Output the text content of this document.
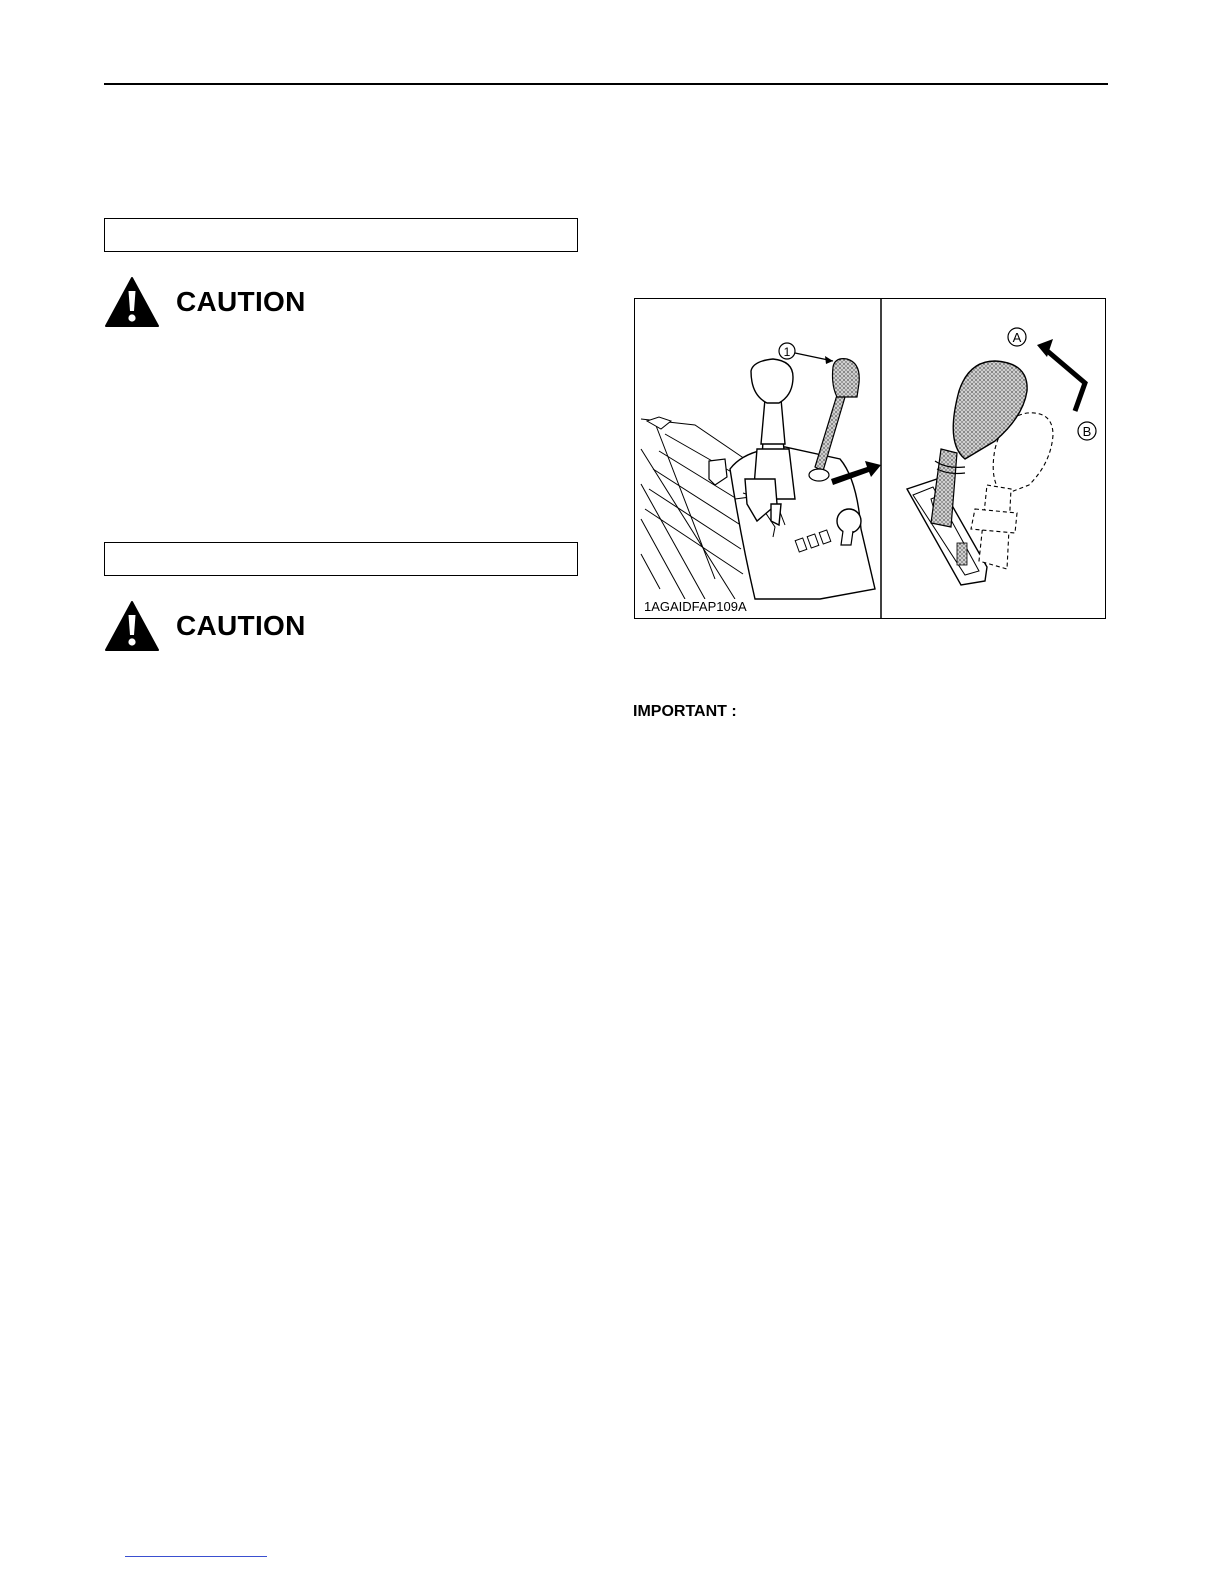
CAUTION
CAUTION
1
A
B
1AGAIDFAP109A
IMPORTANT :
